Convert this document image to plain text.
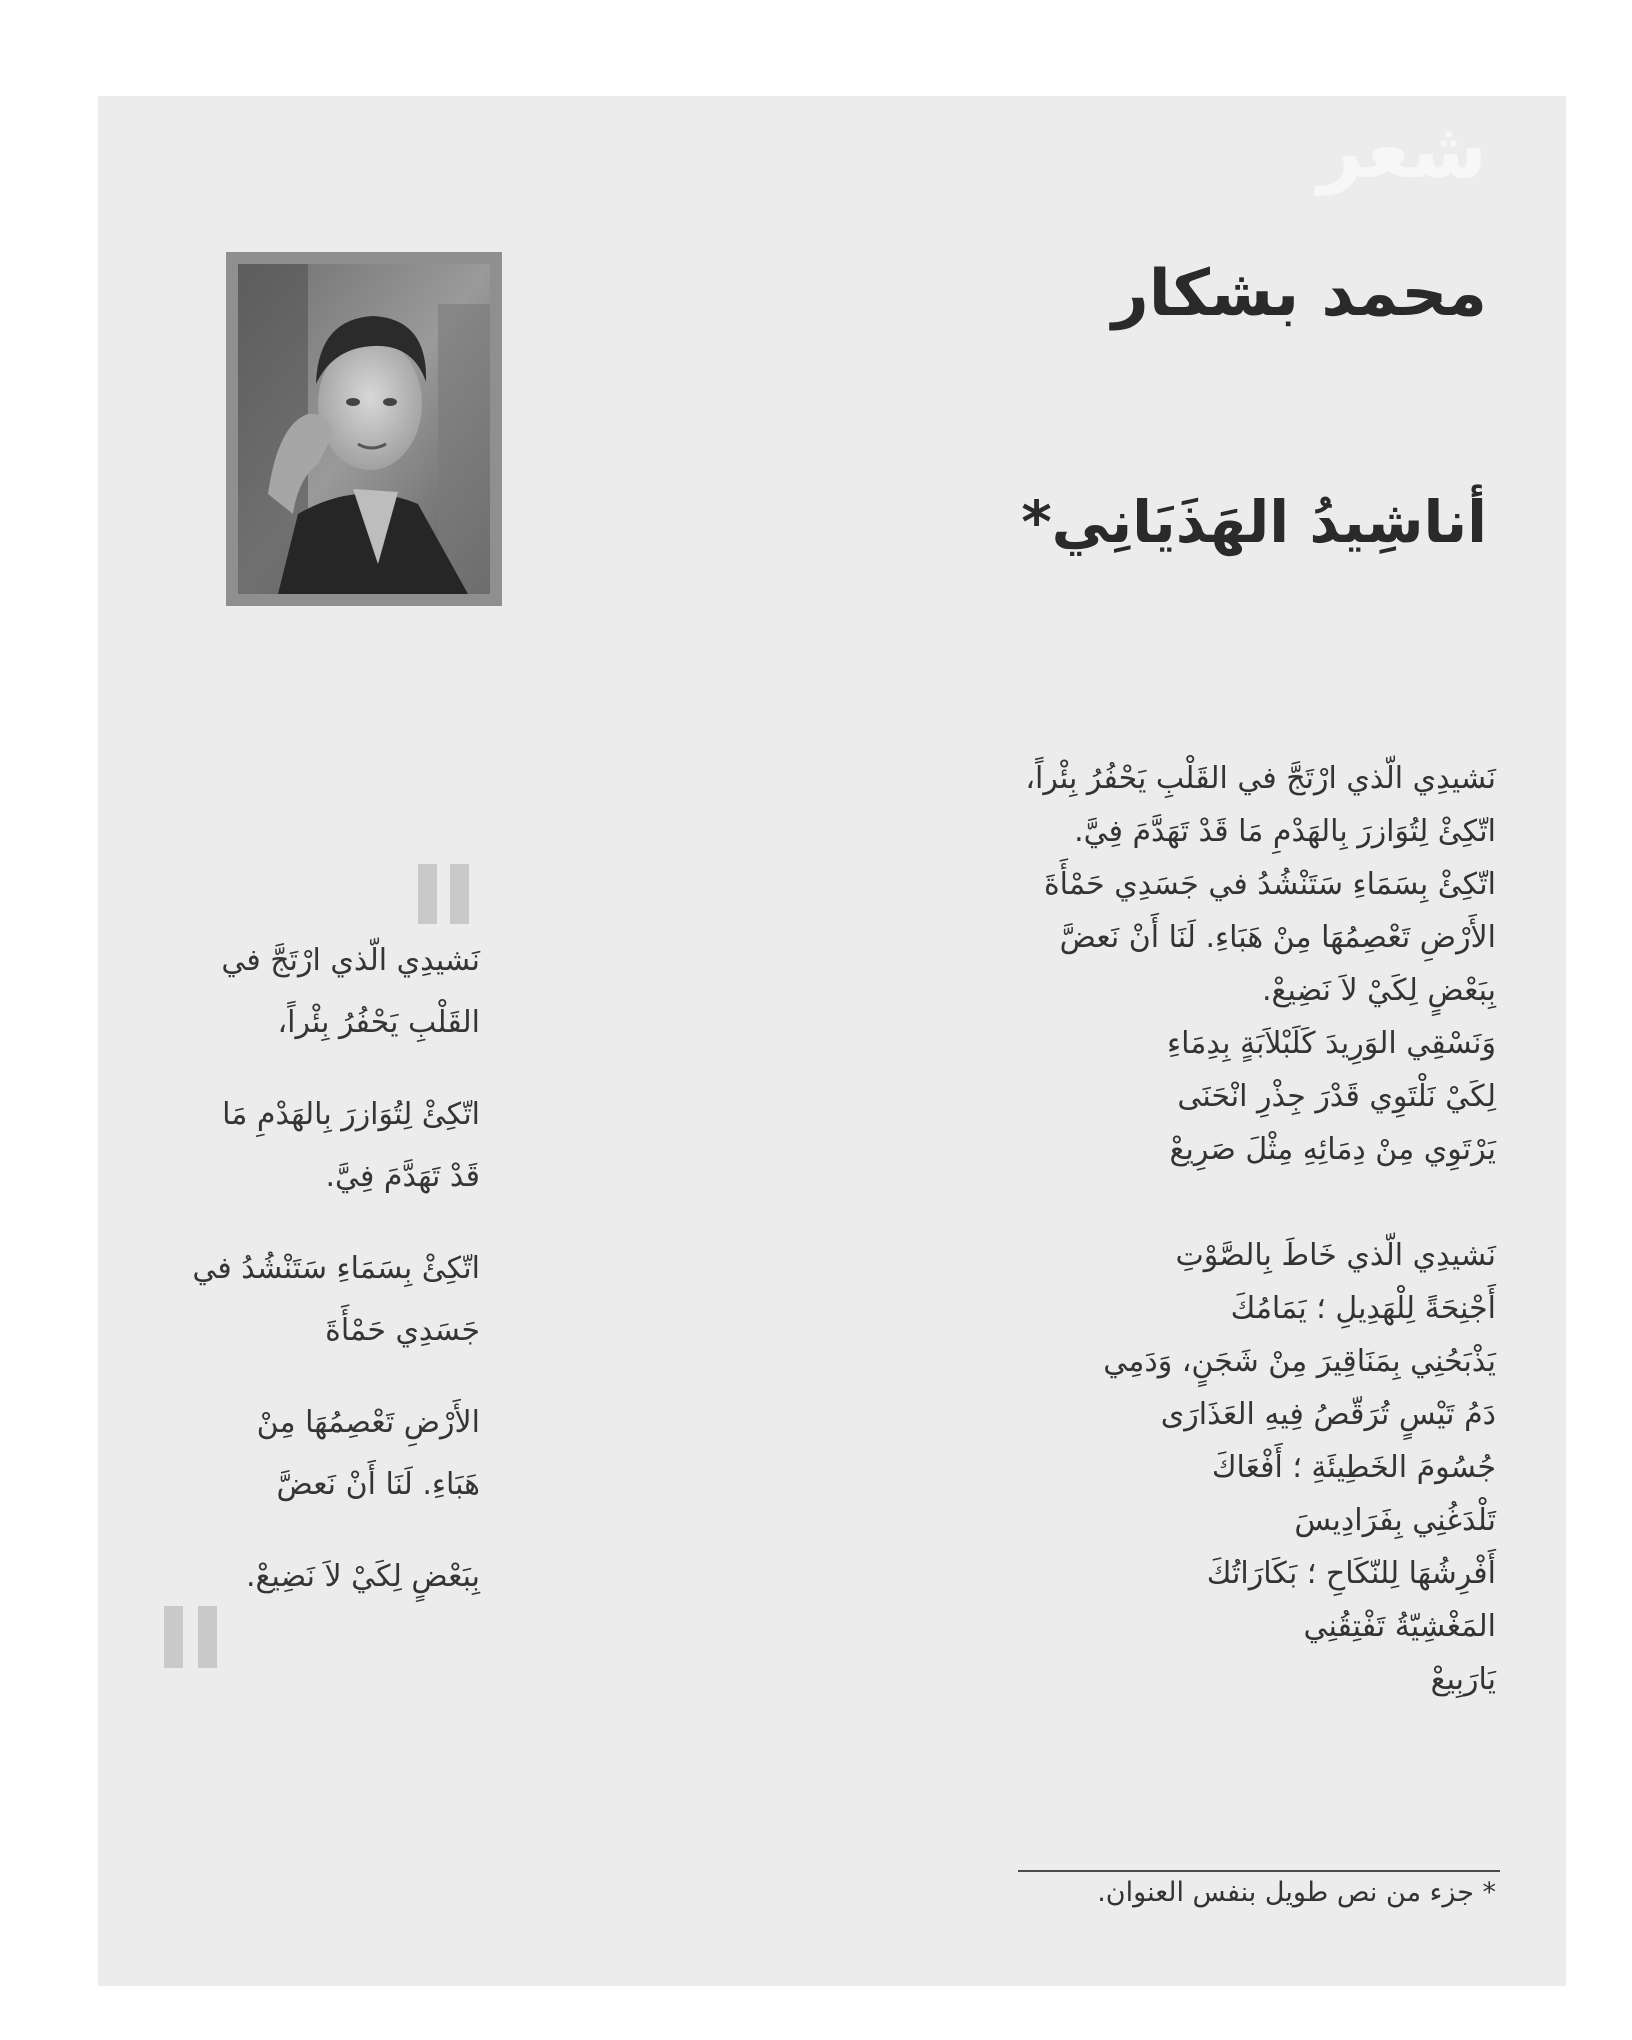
شعر
محمد بشكار
أناشِيدُ الهَذَيَانِي*
نَشيدِي الّذي ارْتَجَّ في القَلْبِ يَحْفُرُ بِئْراً،
اتّكِئْ لِتُوَازرَ بِالهَدْمِ مَا قَدْ تَهَدَّمَ فِيَّ.
اتّكِئْ بِسَمَاءِ سَتَنْشُدُ في جَسَدِي حَمْأَةَ
الأَرْضِ تَعْصِمُهَا مِنْ هَبَاءِ. لَنَا أَنْ نَعضَّ
بِبَعْضٍ لِكَيْ لاَ نَضِيعْ.
وَنَسْقِي الوَرِيدَ كَلَبْلاَبَةٍ بِدِمَاءِ
لِكَيْ نَلْتَوِي قَدْرَ جِذْرِ انْحَنَى
يَرْتَوِي مِنْ دِمَائِهِ مِثْلَ صَرِيعْ
نَشيدِي الّذي خَاطَ بِالصَّوْتِ
أَجْنِحَةً لِلْهَدِيلِ ؛ يَمَامُكَ
يَذْبَحُنِي بِمَنَاقِيرَ مِنْ شَجَنٍ، وَدَمِي
دَمُ تَيْسٍ تُرَقّصُ فِيهِ العَذَارَى
جُسُومَ الخَطِيئَةِ ؛ أَفْعَاكَ
تَلْدَغُنِي بِفَرَادِيسَ
أَفْرِشُهَا لِلنّكَاحِ ؛ بَكَارَاتُكَ
المَغْشِيّةُ تَفْتِقُنِي
يَارَبِيعْ
نَشيدِي الّذي ارْتَجَّ في
القَلْبِ يَحْفُرُ بِئْراً،
اتّكِئْ لِتُوَازرَ بِالهَدْمِ مَا
قَدْ تَهَدَّمَ فِيَّ.
اتّكِئْ بِسَمَاءِ سَتَنْشُدُ في
جَسَدِي حَمْأَةَ
الأَرْضِ تَعْصِمُهَا مِنْ
هَبَاءِ. لَنَا أَنْ نَعضَّ
بِبَعْضٍ لِكَيْ لاَ نَضِيعْ.
* جزء من نص طويل بنفس العنوان.
